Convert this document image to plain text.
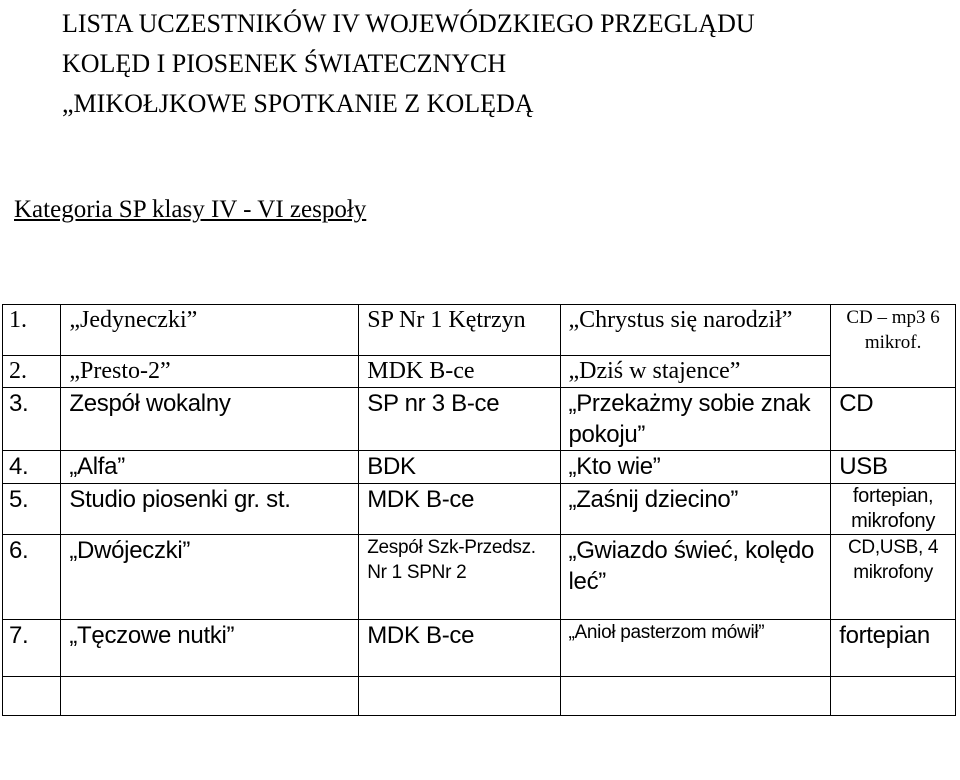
LISTA UCZESTNIKÓW IV WOJEWÓDZKIEGO PRZEGLĄDU
KOLĘD I PIOSENEK ŚWIATECZNYCH
„MIKOŁJKOWE SPOTKANIE Z KOLĘDĄ
Kategoria SP klasy IV - VI zespoły
1.	„Jedyneczki”	SP Nr 1 Kętrzyn	„Chrystus się narodził”	CD – mp3 6 mikrof.
2.	„Presto-2”	MDK B-ce	„Dziś w stajence”	
3.	Zespół wokalny	SP nr 3 B-ce	„Przekażmy sobie znak pokoju”	CD
4.	„Alfa”	BDK	„Kto wie”	USB
5.	Studio piosenki gr. st.	MDK B-ce	„Zaśnij dziecino”	fortepian, mikrofony
6.	„Dwójeczki”	Zespół Szk-Przedsz. Nr 1 SPNr 2	„Gwiazdo świeć, kolędo leć”	CD,USB, 4 mikrofony
7.	„Tęczowe nutki”	MDK B-ce	„Anioł pasterzom mówił”	fortepian
